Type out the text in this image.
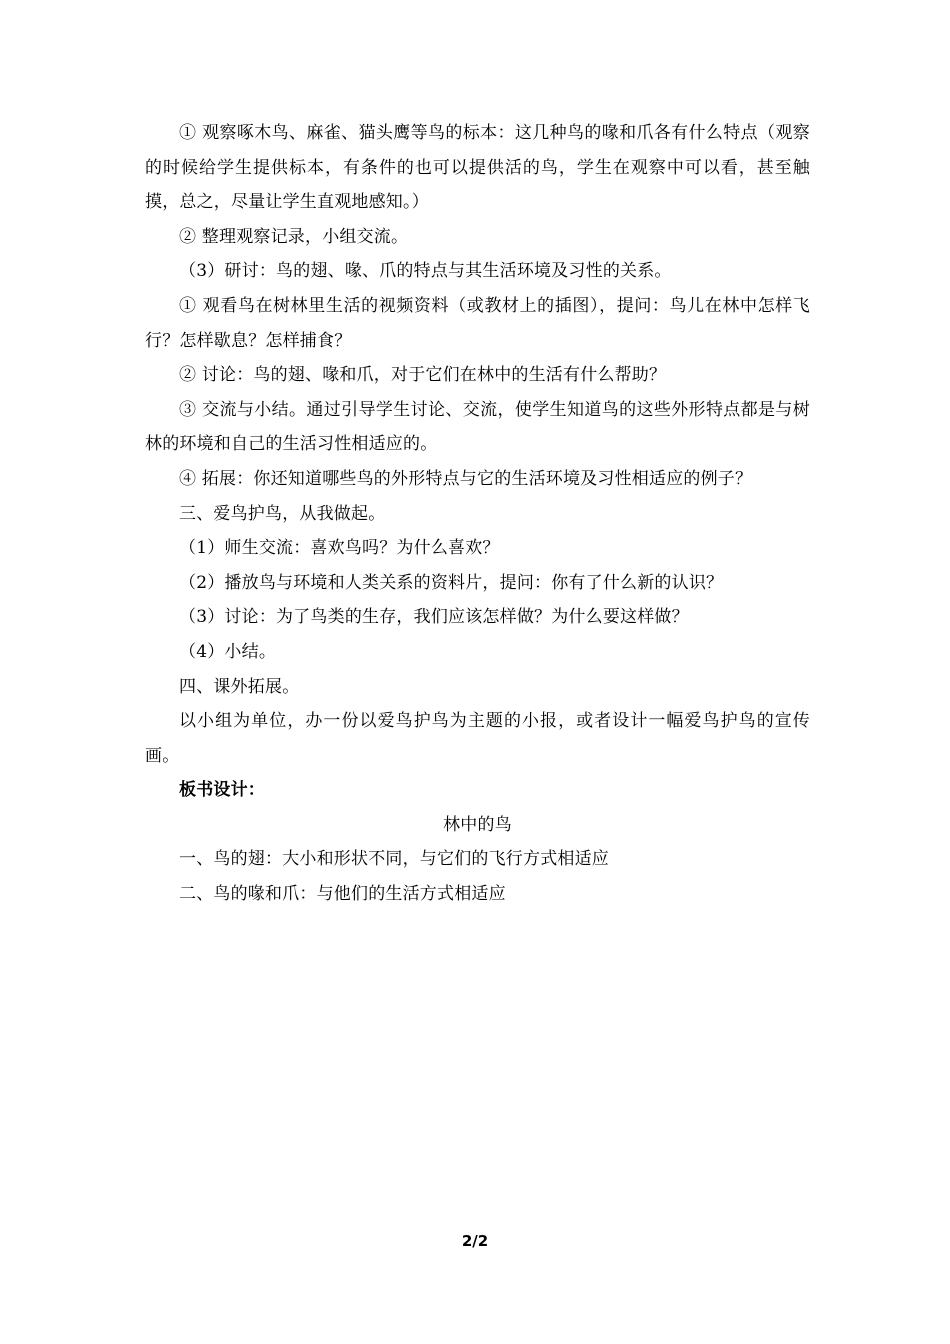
① 观察啄木鸟、麻雀、猫头鹰等鸟的标本：这几种鸟的喙和爪各有什么特点（观察的时候给学生提供标本，有条件的也可以提供活的鸟，学生在观察中可以看，甚至触摸，总之，尽量让学生直观地感知。）

② 整理观察记录，小组交流。

（3）研讨：鸟的翅、喙、爪的特点与其生活环境及习性的关系。

① 观看鸟在树林里生活的视频资料（或教材上的插图），提问：鸟儿在林中怎样飞行？怎样歇息？怎样捕食？

② 讨论：鸟的翅、喙和爪，对于它们在林中的生活有什么帮助？

③ 交流与小结。通过引导学生讨论、交流，使学生知道鸟的这些外形特点都是与树林的环境和自己的生活习性相适应的。

④ 拓展：你还知道哪些鸟的外形特点与它的生活环境及习性相适应的例子？

三、爱鸟护鸟，从我做起。

（1）师生交流：喜欢鸟吗？为什么喜欢？

（2）播放鸟与环境和人类关系的资料片，提问：你有了什么新的认识？

（3）讨论：为了鸟类的生存，我们应该怎样做？为什么要这样做？

（4）小结。

四、课外拓展。

以小组为单位，办一份以爱鸟护鸟为主题的小报，或者设计一幅爱鸟护鸟的宣传画。

板书设计：

林中的鸟

一、鸟的翅：大小和形状不同，与它们的飞行方式相适应

二、鸟的喙和爪：与他们的生活方式相适应

2/2
